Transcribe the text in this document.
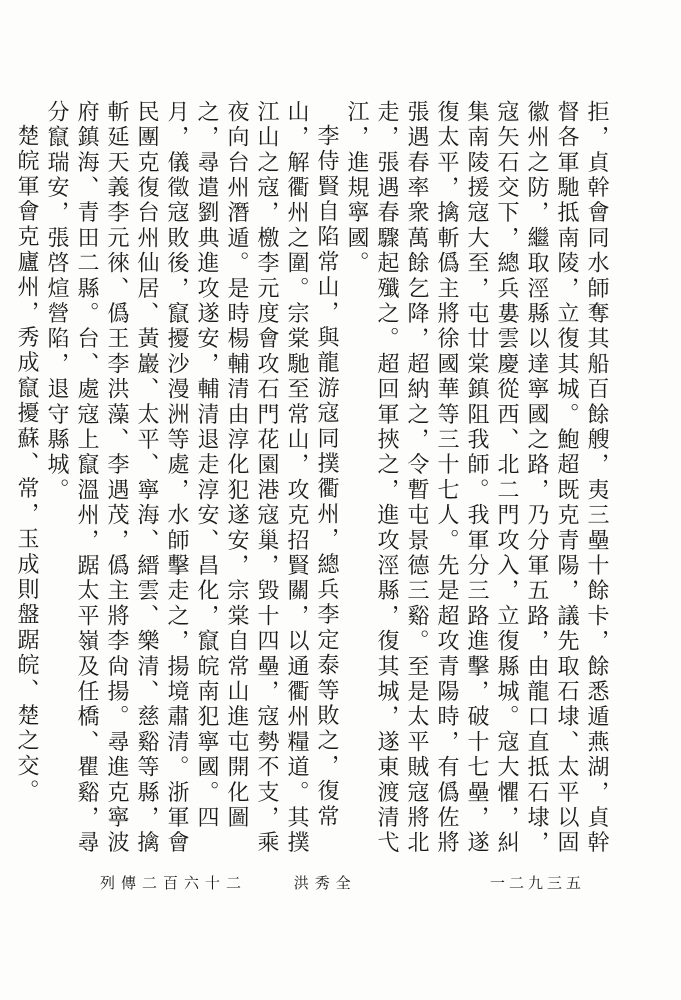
拒，貞幹會同水師奪其船百餘艘，夷三壘十餘卡，餘悉遁燕湖，貞幹督各軍馳抵南陵，立復其城。鮑超既克青陽，議先取石埭、太平以固徽州之防，繼取涇縣以達寧國之路，乃分軍五路，由龍口直抵石埭，寇矢石交下，總兵婁雲慶從西、北二門攻入，立復縣城。寇大懼，糾集南陵援寇大至，屯廿棠鎮阻我師。我軍分三路進擊，破十七壘，遂復太平，擒斬僞主將徐國華等三十七人。先是超攻青陽時，有僞佐將張遇春率衆萬餘乞降，超納之，令暫屯景德三谿。至是太平賊寇將北走，張遇春驟起殲之。超回軍挾之，進攻涇縣，復其城，遂東渡清弋江，進規寧國。

李侍賢自陷常山，與龍游寇同撲衢州，總兵李定泰等敗之，復常山，解衢州之圍。宗棠馳至常山，攻克招賢關，以通衢州糧道。其撲江山之寇，檄李元度會攻石門花園港寇巢，毀十四壘，寇勢不支，乘夜向台州潛遁。是時楊輔清由淳化犯遂安，宗棠自常山進屯開化圖之，尋遣劉典進攻遂安，輔清退走淳安、昌化，竄皖南犯寧國。四月，儀徵寇敗後，竄擾沙漫洲等處，水師擊走之，揚境肅清。浙軍會民團克復台州仙居、黃巖、太平、寧海、縉雲、樂清、慈谿等縣，擒斬延天義李元徠、僞王李洪藻、李遇茂，僞主將李尙揚。尋進克寧波府鎮海、青田二縣。台、處寇上竄溫州，踞太平嶺及任橋、瞿谿，尋分竄瑞安，張啓煊營陷，退守縣城。

楚皖軍會克廬州，秀成竄擾蘇、常，玉成則盤踞皖、楚之交。

列傳二百六十二	洪秀全	一二九三五
